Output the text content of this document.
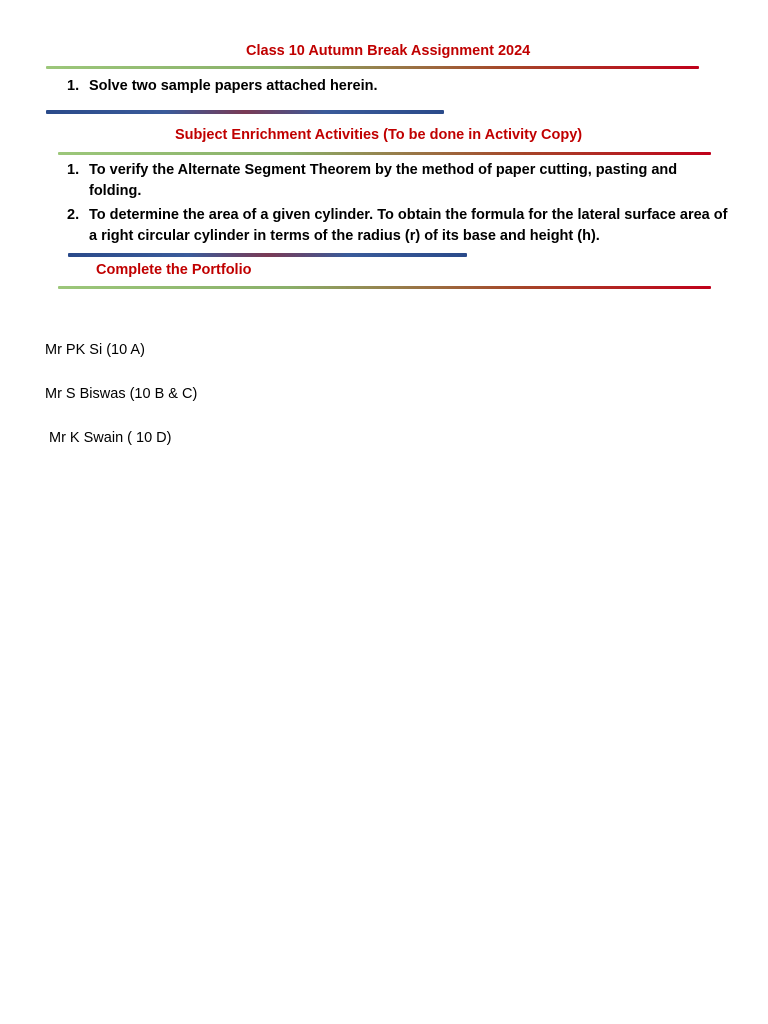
Class 10 Autumn Break Assignment 2024
1. Solve two sample papers attached herein.
Subject Enrichment Activities (To be done in Activity Copy)
1. To verify the Alternate Segment Theorem by the method of paper cutting, pasting and folding.
2. To determine the area of a given cylinder. To obtain the formula for the lateral surface area of a right circular cylinder in terms of the radius (r) of its base and height (h).
Complete the Portfolio
Mr PK Si (10 A)
Mr S Biswas (10 B & C)
Mr K Swain ( 10 D)
